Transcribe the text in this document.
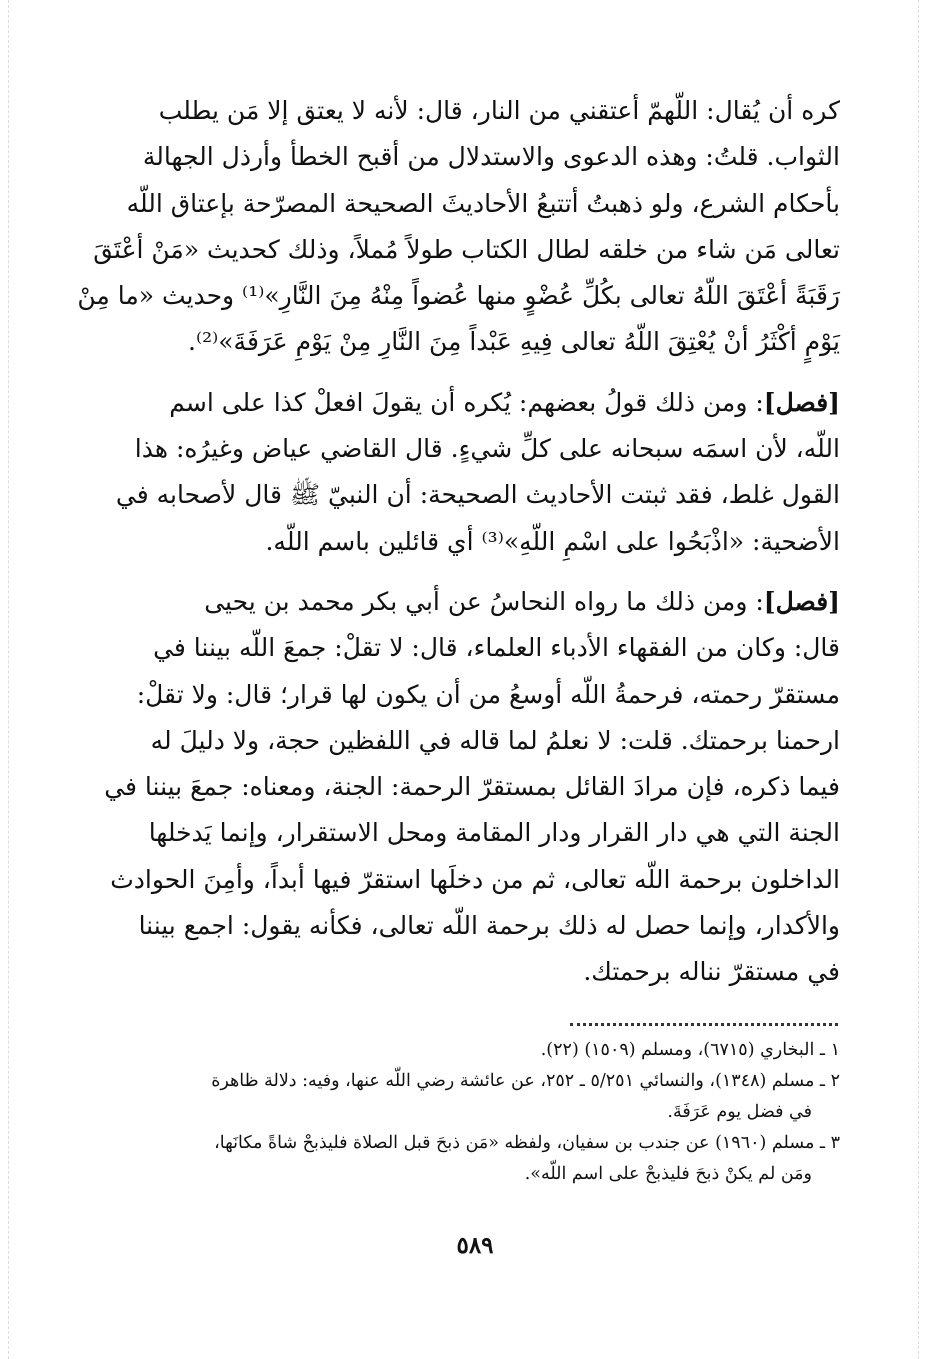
كره أن يُقال: اللّهمّ أعتقني من النار، قال: لأنه لا يعتق إلا مَن يطلب
الثواب. قلتُ: وهذه الدعوى والاستدلال من أقبح الخطأ وأرذل الجهالة
بأحكام الشرع، ولو ذهبتُ أتتبعُ الأحاديثَ الصحيحة المصرّحة بإعتاق اللّه
تعالى مَن شاء من خلقه لطال الكتاب طولاً مُملاً، وذلك كحديث «مَنْ أعْتَقَ
رَقَبَةً أعْتَقَ اللّهُ تعالى بكُلِّ عُضْوٍ منها عُضواً مِنْهُ مِنَ النَّارِ»⁽¹⁾ وحديث «ما مِنْ
يَوْمٍ أكْثَرُ أنْ يُعْتِقَ اللّهُ تعالى فِيهِ عَبْداً مِنَ النَّارِ مِنْ يَوْمِ عَرَفَةَ»⁽²⁾.
[فصل]: ومن ذلك قولُ بعضهم: يُكره أن يقولَ افعلْ كذا على اسم
اللّه، لأن اسمَه سبحانه على كلِّ شيءٍ. قال القاضي عياض وغيرُه: هذا
القول غلط، فقد ثبتت الأحاديث الصحيحة: أن النبيّ ﷺ قال لأصحابه في
الأضحية: «اذْبَحُوا على اسْمِ اللّهِ»⁽³⁾ أي قائلين باسم اللّه.
[فصل]: ومن ذلك ما رواه النحاسُ عن أبي بكر محمد بن يحيى
قال: وكان من الفقهاء الأدباء العلماء، قال: لا تقلْ: جمعَ اللّه بيننا في
مستقرّ رحمته، فرحمةُ اللّه أوسعُ من أن يكون لها قرار؛ قال: ولا تقلْ:
ارحمنا برحمتك. قلت: لا نعلمُ لما قاله في اللفظين حجة، ولا دليلَ له
فيما ذكره، فإن مرادَ القائل بمستقرّ الرحمة: الجنة، ومعناه: جمعَ بيننا في
الجنة التي هي دار القرار ودار المقامة ومحل الاستقرار، وإنما يَدخلها
الداخلون برحمة اللّه تعالى، ثم من دخلَها استقرّ فيها أبداً، وأمِنَ الحوادث
والأكدار، وإنما حصل له ذلك برحمة اللّه تعالى، فكأنه يقول: اجمع بيننا
في مستقرّ نناله برحمتك.
١ ـ البخاري (٦٧١٥)، ومسلم (١٥٠٩) (٢٢).
٢ ـ مسلم (١٣٤٨)، والنسائي ٥/٢٥١ ـ ٢٥٢، عن عائشة رضي اللّه عنها، وفيه: دلالة ظاهرة
في فضل يوم عَرَفَةَ.
٣ ـ مسلم (١٩٦٠) عن جندب بن سفيان، ولفظه «مَن ذبحَ قبل الصلاة فليذبحْ شاةً مكانَها،
ومَن لم يكنْ ذبحَ فليذبحْ على اسم اللّه».
٥٨٩
